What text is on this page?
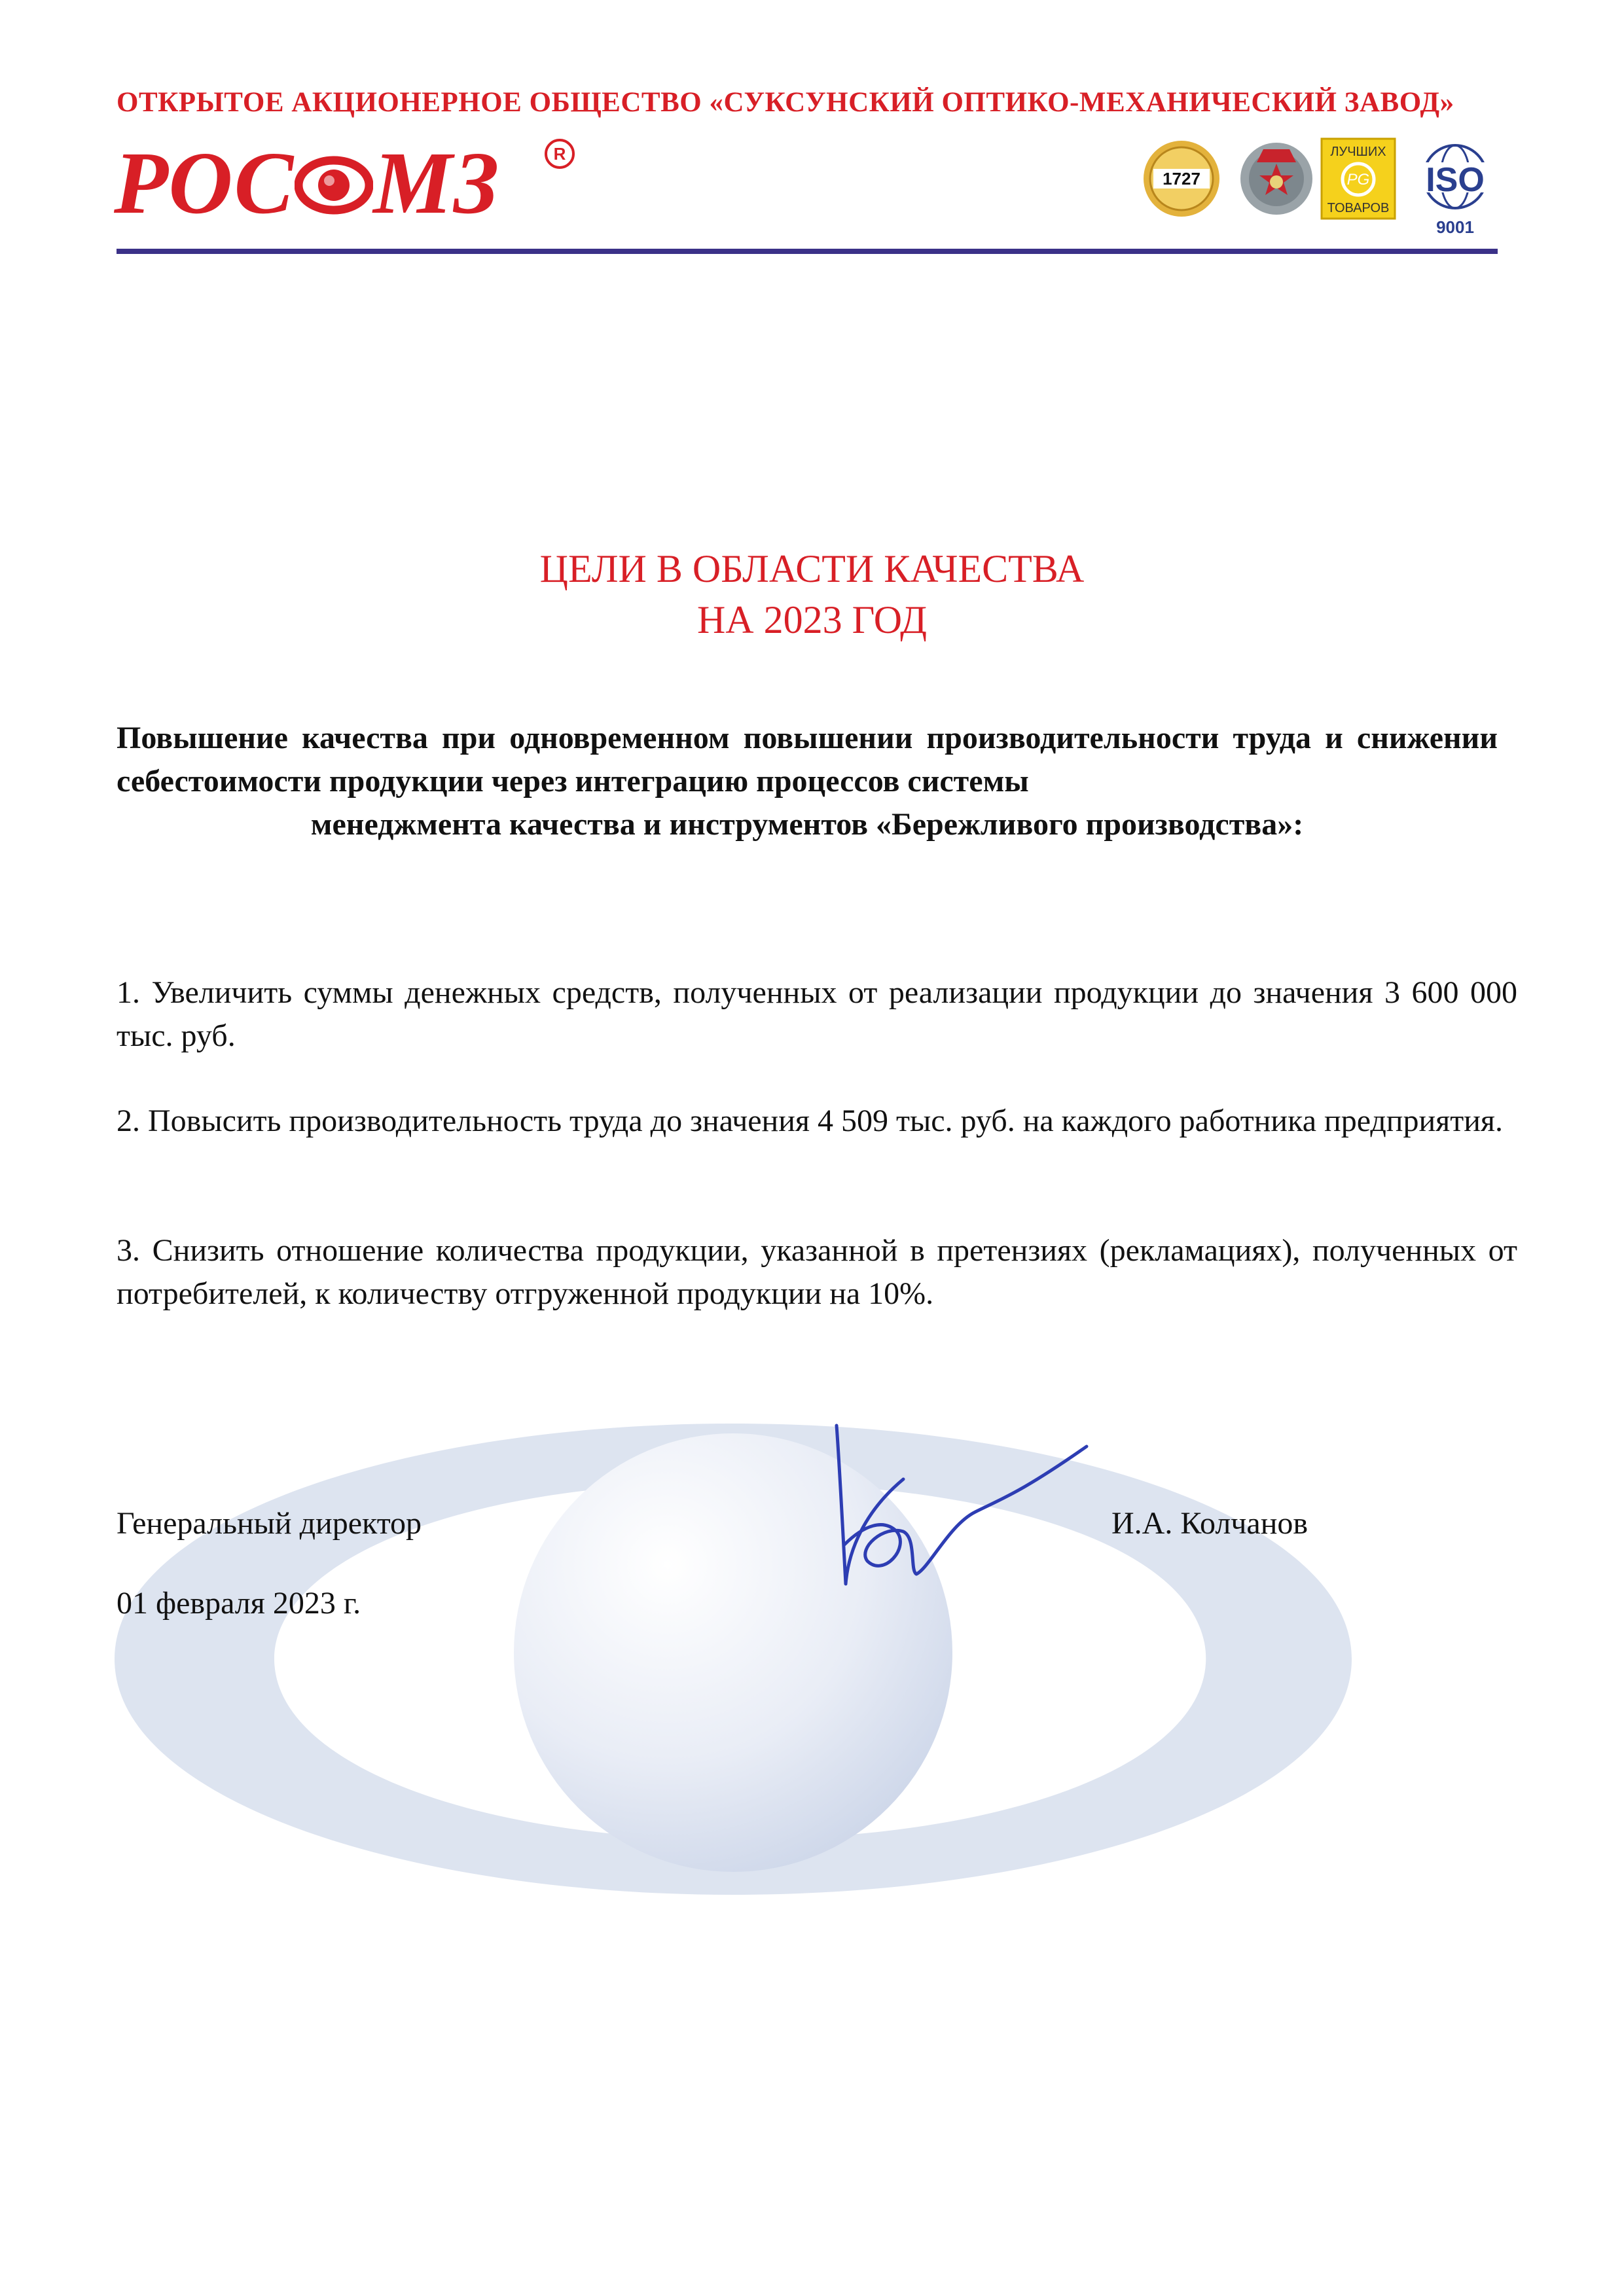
ОТКРЫТОЕ АКЦИОНЕРНОЕ ОБЩЕСТВО «СУКСУНСКИЙ ОПТИКО-МЕХАНИЧЕСКИЙ ЗАВОД»
РОС МЗ	R
1727
ЛУЧШИХ
PG
ТОВАРОВ
ISO
9001
ЦЕЛИ В ОБЛАСТИ КАЧЕСТВА
НА 2023 ГОД
Повышение качества при одновременном повышении производительности труда и снижении себестоимости продукции через интеграцию процессов системы
менеджмента качества и инструментов «Бережливого производства»:
1. Увеличить суммы денежных средств, полученных от реализации продукции до значения 3 600 000 тыс. руб.
2. Повысить производительность труда до значения 4 509 тыс. руб. на каждого работника предприятия.
3. Снизить отношение количества продукции, указанной в претензиях (рекламациях), полученных от потребителей, к количеству отгруженной продукции на 10%.
Генеральный директор	И.А. Колчанов
01 февраля 2023 г.
